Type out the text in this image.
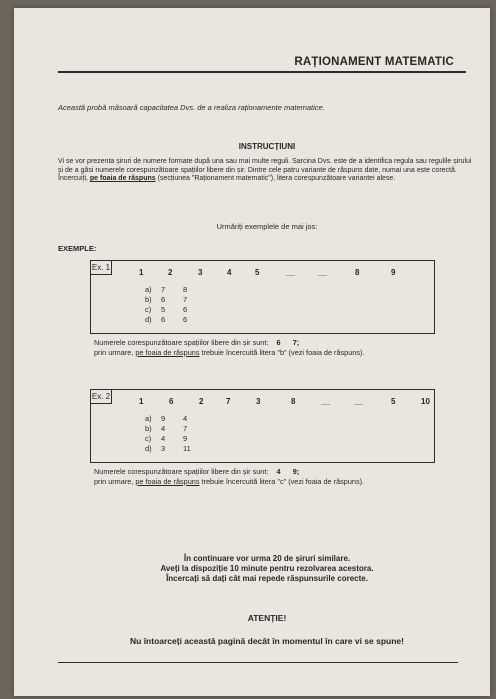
RAȚIONAMENT MATEMATIC
Această probă măsoară capacitatea Dvs. de a realiza raționamente matematice.
INSTRUCȚIUNI

Vi se vor prezenta șiruri de numere formate după una sau mai multe reguli. Sarcina Dvs. este de a identifica regula sau regulile șirului și de a găsi numerele corespunzătoare spațiilor libere din șir. Dintre cele patru variante de răspuns date, numai una este corectă.

Încercuiți, pe foaia de răspuns (secțiunea "Raționament matematic"), litera corespunzătoare variantei alese.

Urmăriți exemplele de mai jos:
EXEMPLE:
Ex. 1
1	2	3	4	5	__	__	8	9
a) 7 8
b) 6 7
c) 5 6
d) 6 6
Numerele corespunzătoare spațiilor libere din șir sunt: 6 7;
prin urmare, pe foaia de răspuns trebuie încercuită litera "b" (vezi foaia de răspuns).
Ex. 2
1	6	2	7	3	8	__	__	5	10
a) 9 4
b) 4 7
c) 4 9
d) 3 11
Numerele corespunzătoare spațiilor libere din șir sunt: 4 9;
prin urmare, pe foaia de răspuns trebuie încercuită litera "c" (vezi foaia de răspuns).

În continuare vor urma 20 de șiruri similare.

Aveți la dispoziție 10 minute pentru rezolvarea acestora.

Încercați să dați cât mai repede răspunsurile corecte.

ATENȚIE!
Nu întoarceți această pagină decât în momentul în care vi se spune!
